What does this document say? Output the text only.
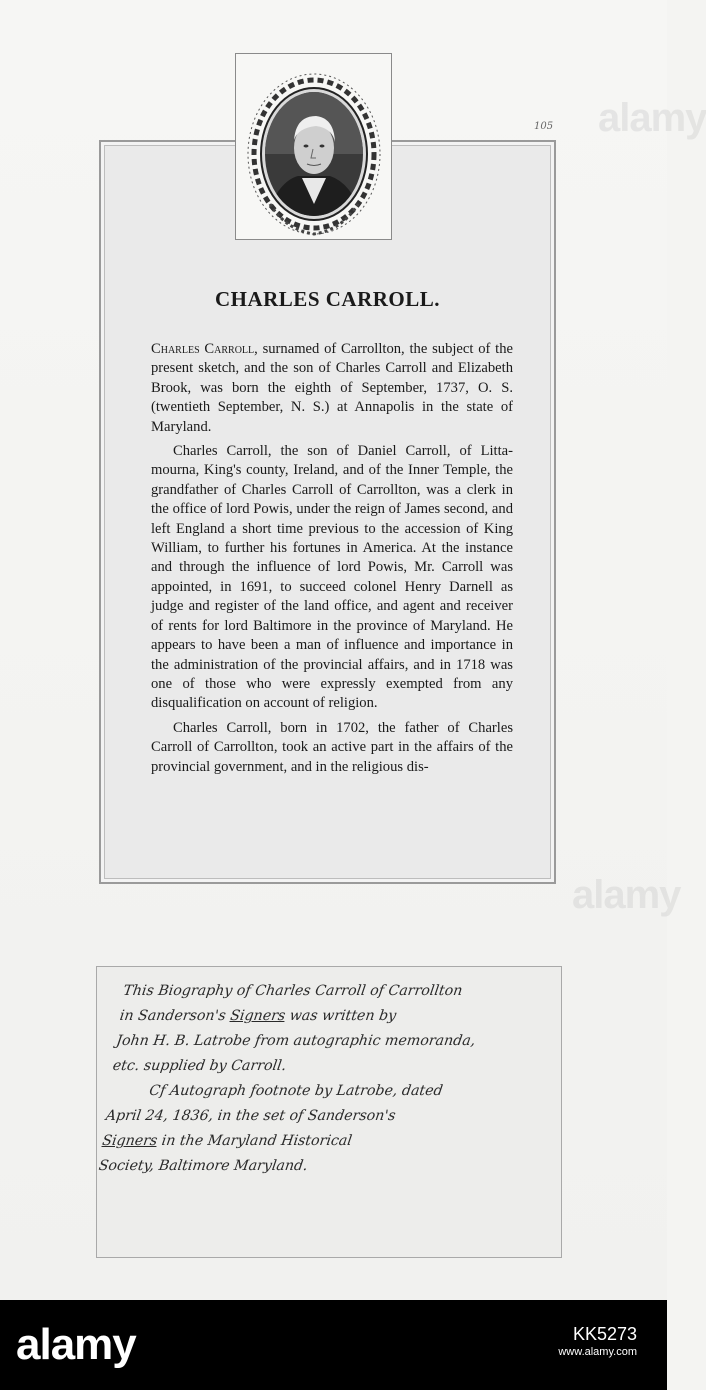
105
CHARLES CARROLL.

Charles Carroll, surnamed of Carrollton, the subject of the present sketch, and the son of Charles Carroll and Elizabeth Brook, was born the eighth of September, 1737, O. S. (twentieth September, N. S.) at Annapolis in the state of Maryland.

Charles Carroll, the son of Daniel Carroll, of Littamourna, King's county, Ireland, and of the Inner Temple, the grandfather of Charles Carroll of Carrollton, was a clerk in the office of lord Powis, under the reign of James second, and left England a short time previous to the accession of King William, to further his fortunes in America. At the instance and through the influence of lord Powis, Mr. Carroll was appointed, in 1691, to succeed colonel Henry Darnell as judge and register of the land office, and agent and receiver of rents for lord Baltimore in the province of Maryland. He appears to have been a man of influence and importance in the administration of the provincial affairs, and in 1718 was one of those who were expressly exempted from any disqualification on account of religion.

Charles Carroll, born in 1702, the father of Charles Carroll of Carrollton, took an active part in the affairs of the provincial government, and in the religious dis-

This Biography of Charles Carroll of Carrollton
in Sanderson's Signers was written by
John H. B. Latrobe from autographic memoranda,
etc. supplied by Carroll.
Cf Autograph footnote by Latrobe, dated
April 24, 1836, in the set of Sanderson's
Signers in the Maryland Historical
Society, Baltimore Maryland.
alamy
alamy

alamy	KK5273
www.alamy.com
